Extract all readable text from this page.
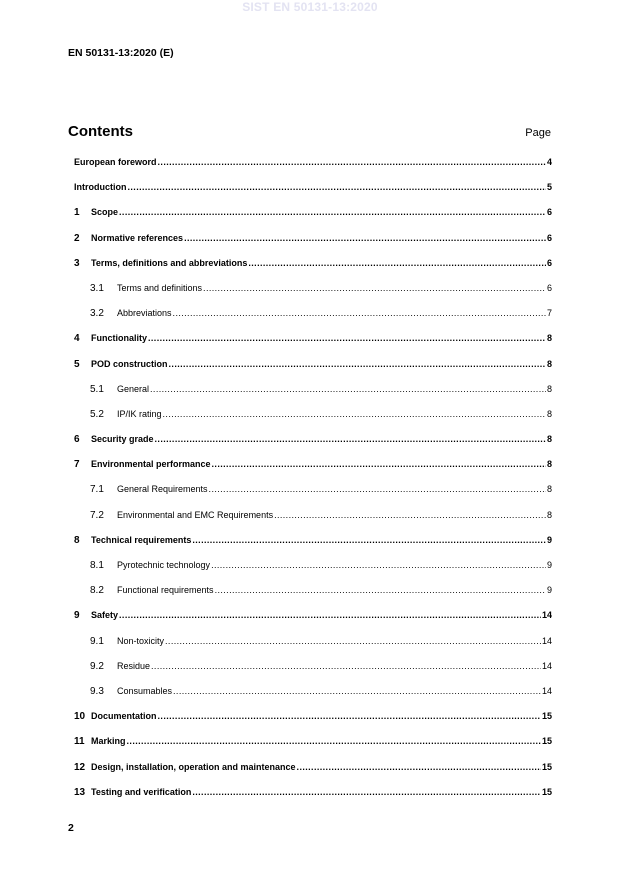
SIST EN 50131-13:2020
EN 50131-13:2020 (E)
Contents	Page
European foreword .....	4
Introduction .....	5
1	Scope .....	6
2	Normative references .....	6
3	Terms, definitions and abbreviations .....	6
3.1	Terms and definitions .....	6
3.2	Abbreviations .....	7
4	Functionality .....	8
5	POD construction .....	8
5.1	General .....	8
5.2	IP/IK rating .....	8
6	Security grade .....	8
7	Environmental performance .....	8
7.1	General Requirements .....	8
7.2	Environmental and EMC Requirements .....	8
8	Technical requirements .....	9
8.1	Pyrotechnic technology .....	9
8.2	Functional requirements .....	9
9	Safety .....	14
9.1	Non-toxicity .....	14
9.2	Residue .....	14
9.3	Consumables .....	14
10 Documentation .....	15
11 Marking .....	15
12 Design, installation, operation and maintenance .....	15
13 Testing and verification .....	15
2
